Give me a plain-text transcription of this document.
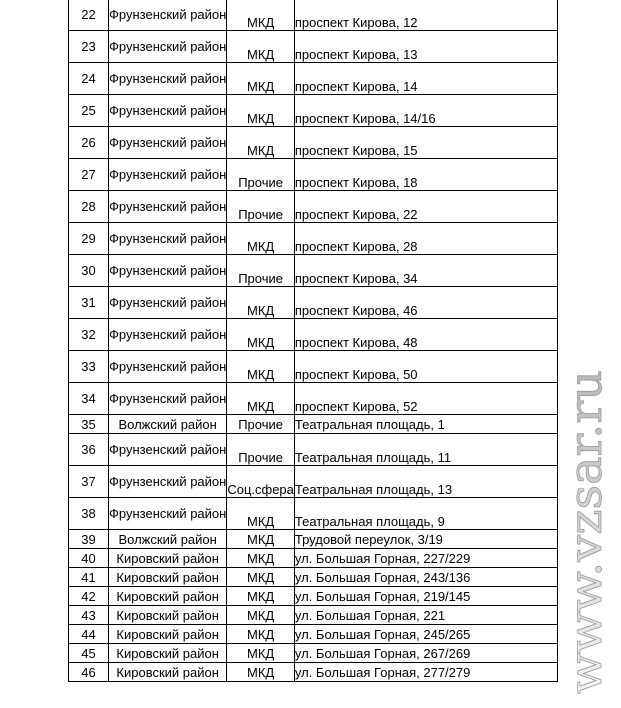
22	Фрунзенский район	МКД	проспект Кирова, 12
23	Фрунзенский район	МКД	проспект Кирова, 13
24	Фрунзенский район	МКД	проспект Кирова, 14
25	Фрунзенский район	МКД	проспект Кирова, 14/16
26	Фрунзенский район	МКД	проспект Кирова, 15
27	Фрунзенский район	Прочие	проспект Кирова, 18
28	Фрунзенский район	Прочие	проспект Кирова, 22
29	Фрунзенский район	МКД	проспект Кирова, 28
30	Фрунзенский район	Прочие	проспект Кирова, 34
31	Фрунзенский район	МКД	проспект Кирова, 46
32	Фрунзенский район	МКД	проспект Кирова, 48
33	Фрунзенский район	МКД	проспект Кирова, 50
34	Фрунзенский район	МКД	проспект Кирова, 52
35	Волжский район	Прочие	Театральная площадь, 1
36	Фрунзенский район	Прочие	Театральная площадь, 11
37	Фрунзенский район	Соц.сфера	Театральная площадь, 13
38	Фрунзенский район	МКД	Театральная площадь, 9
39	Волжский район	МКД	Трудовой переулок, 3/19
40	Кировский район	МКД	ул. Большая Горная, 227/229
41	Кировский район	МКД	ул. Большая Горная, 243/136
42	Кировский район	МКД	ул. Большая Горная, 219/145
43	Кировский район	МКД	ул. Большая Горная, 221
44	Кировский район	МКД	ул. Большая Горная, 245/265
45	Кировский район	МКД	ул. Большая Горная, 267/269
46	Кировский район	МКД	ул. Большая Горная, 277/279 www.vzsar.ru
